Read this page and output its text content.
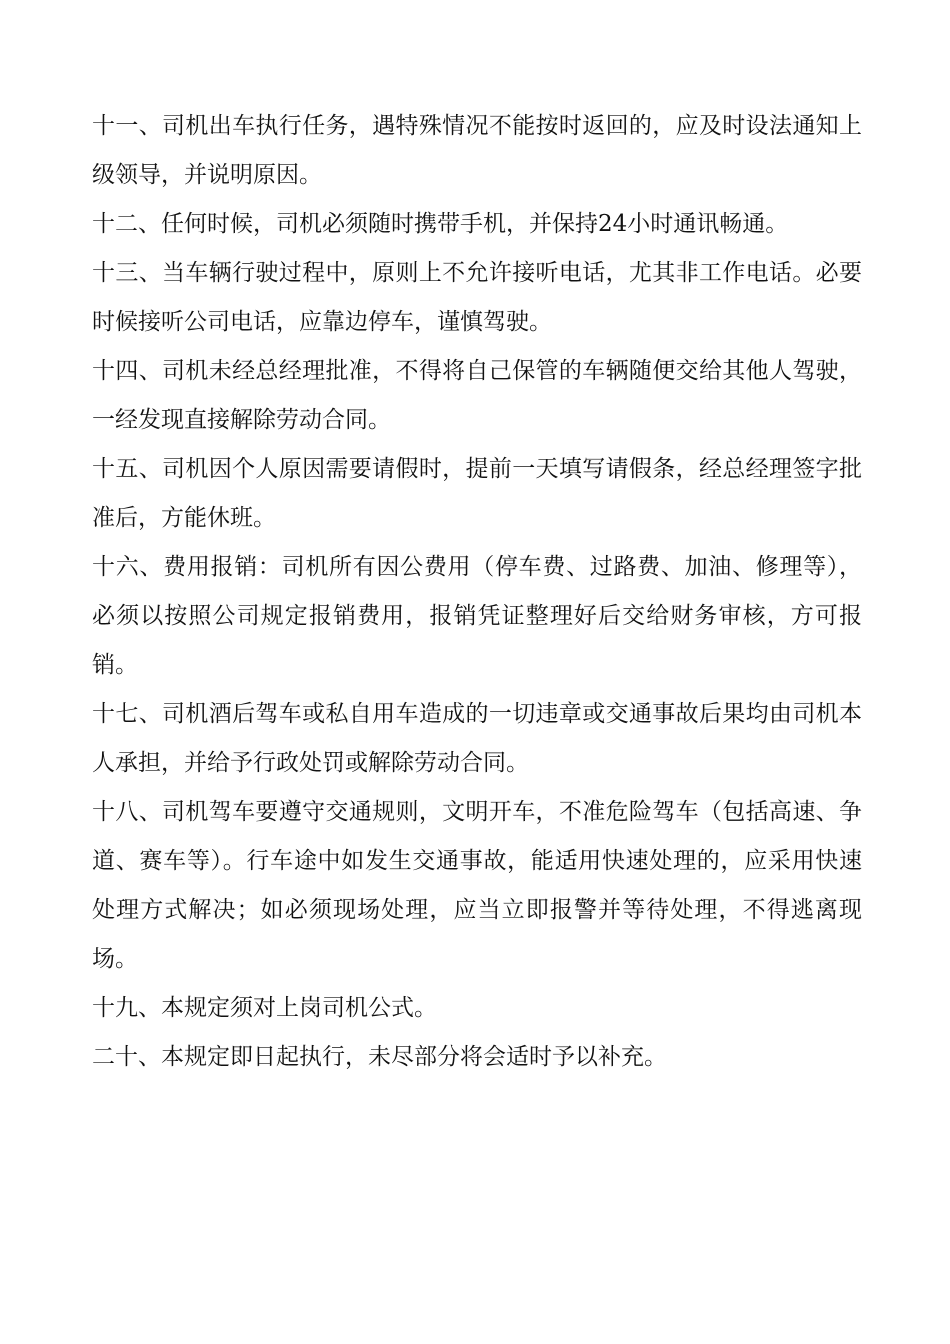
十一、司机出车执行任务，遇特殊情况不能按时返回的，应及时设法通知上级领导，并说明原因。

十二、任何时候，司机必须随时携带手机，并保持24小时通讯畅通。

十三、当车辆行驶过程中，原则上不允许接听电话，尤其非工作电话。必要时候接听公司电话，应靠边停车，谨慎驾驶。

十四、司机未经总经理批准，不得将自己保管的车辆随便交给其他人驾驶，一经发现直接解除劳动合同。

十五、司机因个人原因需要请假时，提前一天填写请假条，经总经理签字批准后，方能休班。

十六、费用报销：司机所有因公费用（停车费、过路费、加油、修理等），必须以按照公司规定报销费用，报销凭证整理好后交给财务审核，方可报销。

十七、司机酒后驾车或私自用车造成的一切违章或交通事故后果均由司机本人承担，并给予行政处罚或解除劳动合同。

十八、司机驾车要遵守交通规则，文明开车，不准危险驾车（包括高速、争道、赛车等）。行车途中如发生交通事故，能适用快速处理的，应采用快速处理方式解决；如必须现场处理，应当立即报警并等待处理，不得逃离现场。

十九、本规定须对上岗司机公式。

二十、本规定即日起执行，未尽部分将会适时予以补充。
